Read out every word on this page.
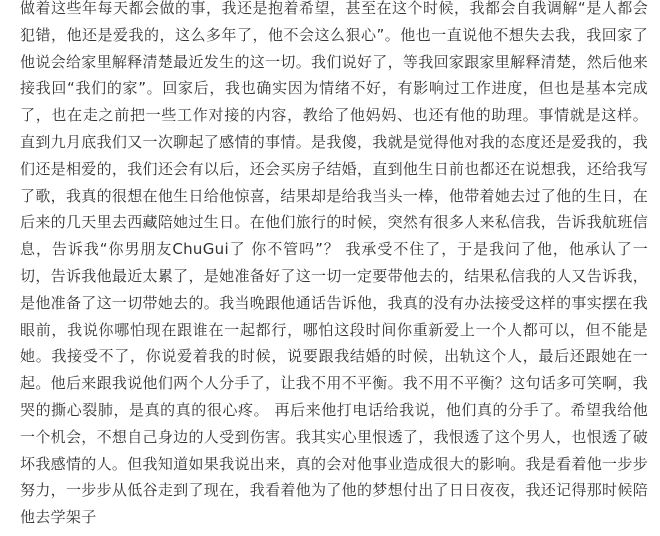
做着这些年每天都会做的事，我还是抱着希望，甚至在这个时候，我都会自我调解“是人都会犯错，他还是爱我的，这么多年了，他不会这么狠心”。他也一直说他不想失去我，我回家了他说会给家里解释清楚最近发生的这一切。我们说好了，等我回家跟家里解释清楚，然后他来接我回“我们的家”。回家后，我也确实因为情绪不好，有影响过工作进度，但也是基本完成了，也在走之前把一些工作对接的内容，教给了他妈妈、也还有他的助理。事情就是这样。 直到九月底我们又一次聊起了感情的事情。是我傻，我就是觉得他对我的态度还是爱我的，我们还是相爱的，我们还会有以后，还会买房子结婚，直到他生日前也都还在说想我，还给我写了歌，我真的很想在他生日给他惊喜，结果却是给我当头一棒，他带着她去过了他的生日，在后来的几天里去西藏陪她过生日。在他们旅行的时候，突然有很多人来私信我，告诉我航班信息，告诉我“你男朋友ChuGui了 你不管吗”？ 我承受不住了，于是我问了他，他承认了一切，告诉我他最近太累了，是她准备好了这一切一定要带他去的，结果私信我的人又告诉我，是他准备了这一切带她去的。我当晚跟他通话告诉他，我真的没有办法接受这样的事实摆在我眼前，我说你哪怕现在跟谁在一起都行，哪怕这段时间你重新爱上一个人都可以，但不能是她。我接受不了，你说爱着我的时候，说要跟我结婚的时候，出轨这个人，最后还跟她在一起。他后来跟我说他们两个人分手了，让我不用不平衡。我不用不平衡？这句话多可笑啊，我哭的撕心裂肺，是真的真的很心疼。 再后来他打电话给我说，他们真的分手了。希望我给他一个机会，不想自己身边的人受到伤害。我其实心里恨透了，我恨透了这个男人，也恨透了破坏我感情的人。但我知道如果我说出来，真的会对他事业造成很大的影响。我是看着他一步步努力，一步步从低谷走到了现在，我看着他为了他的梦想付出了日日夜夜，我还记得那时候陪他去学架子
